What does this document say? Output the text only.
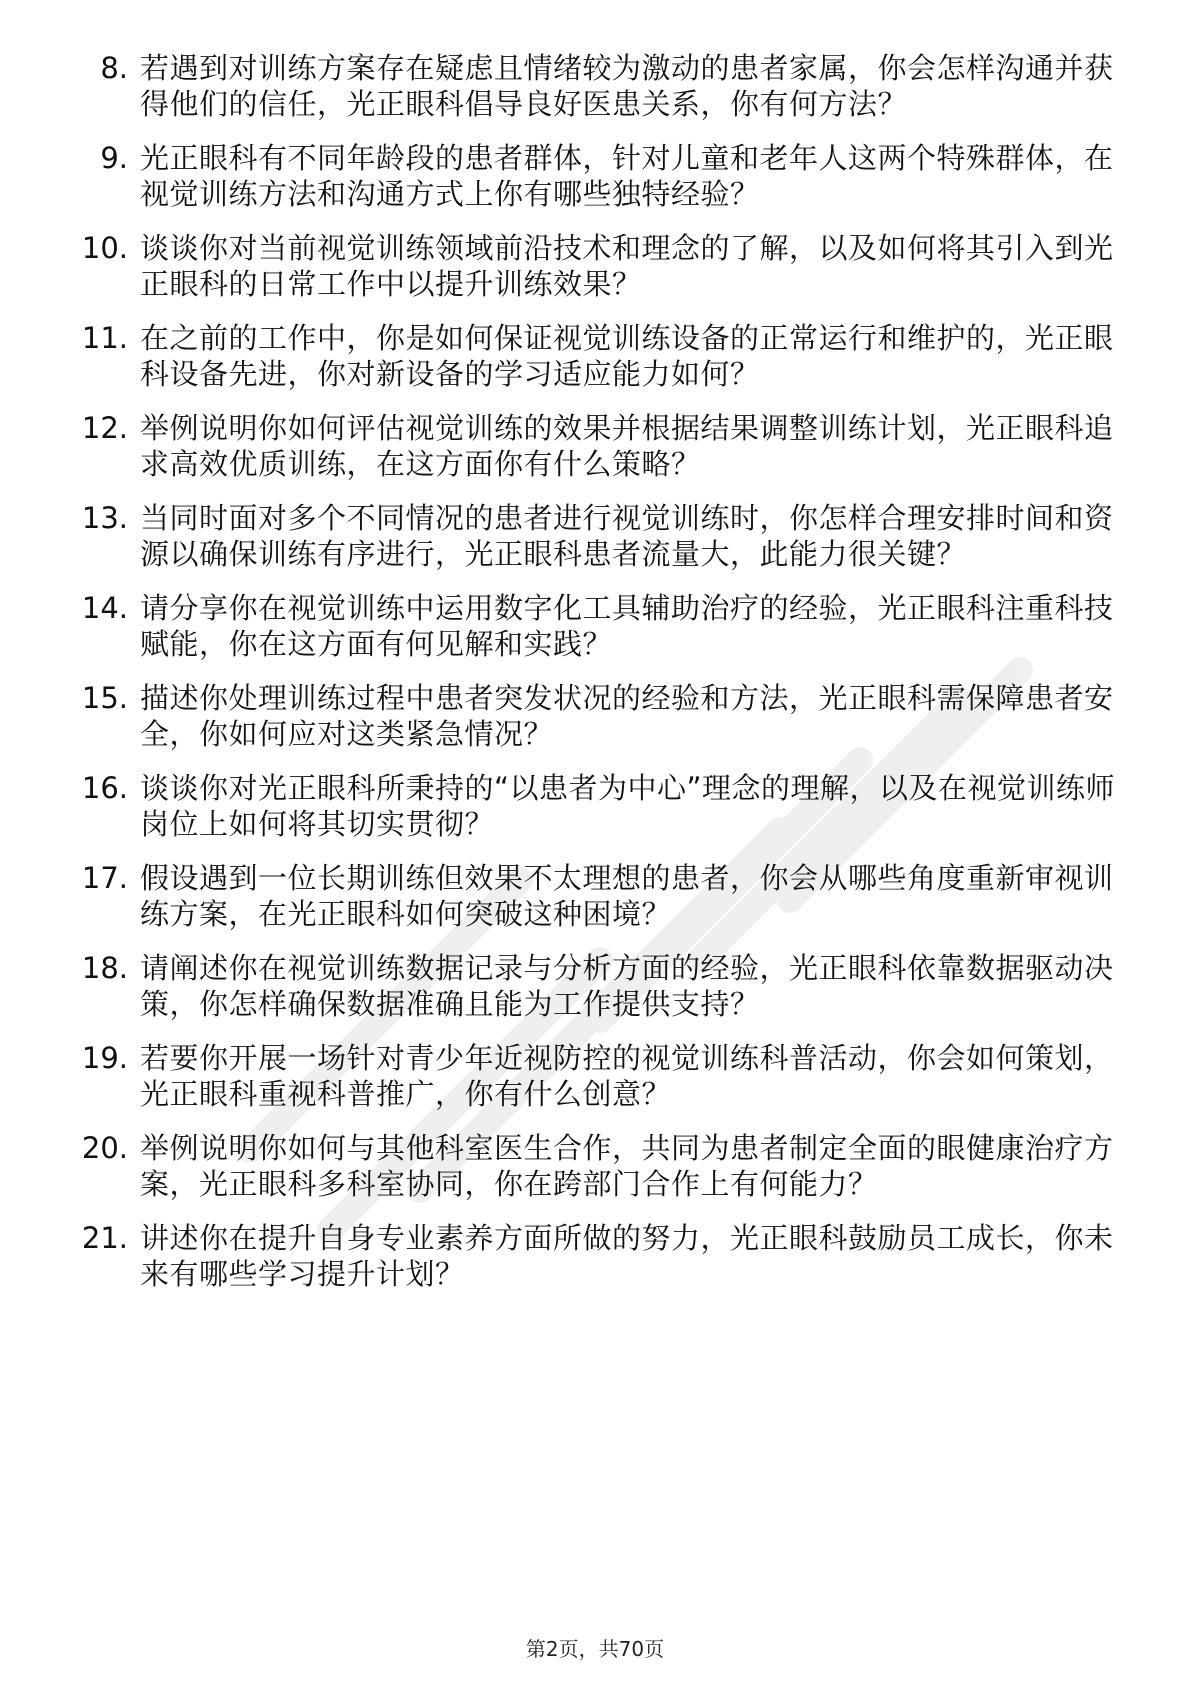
8. 若遇到对训练方案存在疑虑且情绪较为激动的患者家属，你会怎样沟通并获得他们的信任，光正眼科倡导良好医患关系，你有何方法？
9. 光正眼科有不同年龄段的患者群体，针对儿童和老年人这两个特殊群体，在视觉训练方法和沟通方式上你有哪些独特经验？
10. 谈谈你对当前视觉训练领域前沿技术和理念的了解，以及如何将其引入到光正眼科的日常工作中以提升训练效果？
11. 在之前的工作中，你是如何保证视觉训练设备的正常运行和维护的，光正眼科设备先进，你对新设备的学习适应能力如何？
12. 举例说明你如何评估视觉训练的效果并根据结果调整训练计划，光正眼科追求高效优质训练，在这方面你有什么策略？
13. 当同时面对多个不同情况的患者进行视觉训练时，你怎样合理安排时间和资源以确保训练有序进行，光正眼科患者流量大，此能力很关键？
14. 请分享你在视觉训练中运用数字化工具辅助治疗的经验，光正眼科注重科技赋能，你在这方面有何见解和实践？
15. 描述你处理训练过程中患者突发状况的经验和方法，光正眼科需保障患者安全，你如何应对这类紧急情况？
16. 谈谈你对光正眼科所秉持的“以患者为中心”理念的理解，以及在视觉训练师岗位上如何将其切实贯彻？
17. 假设遇到一位长期训练但效果不太理想的患者，你会从哪些角度重新审视训练方案，在光正眼科如何突破这种困境？
18. 请阐述你在视觉训练数据记录与分析方面的经验，光正眼科依靠数据驱动决策，你怎样确保数据准确且能为工作提供支持？
19. 若要你开展一场针对青少年近视防控的视觉训练科普活动，你会如何策划，光正眼科重视科普推广，你有什么创意？
20. 举例说明你如何与其他科室医生合作，共同为患者制定全面的眼健康治疗方案，光正眼科多科室协同，你在跨部门合作上有何能力？
21. 讲述你在提升自身专业素养方面所做的努力，光正眼科鼓励员工成长，你未来有哪些学习提升计划？
第2页，共70页
